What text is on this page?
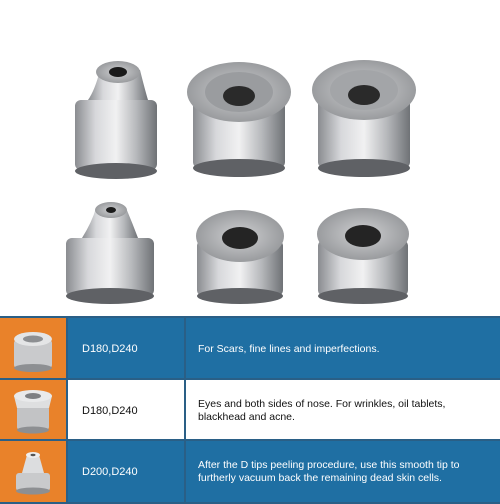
D180,D240	For Scars, fine lines and imperfections.
D180,D240
Eyes and both sides of nose. For wrinkles, oil tablets, blackhead and acne.
D200,D240
After the D tips peeling procedure, use this smooth tip to furtherly vacuum back the remaining dead skin cells.
